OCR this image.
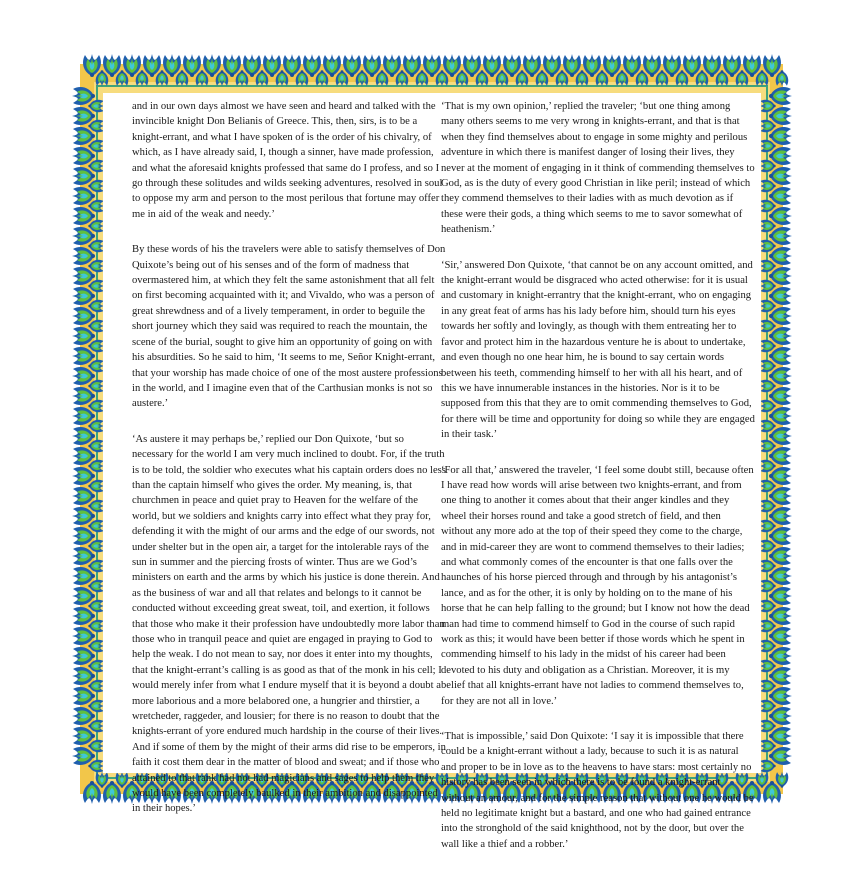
and in our own days almost we have seen and heard and talked with the invincible knight Don Belianis of Greece. This, then, sirs, is to be a knight-errant, and what I have spoken of is the order of his chivalry, of which, as I have already said, I, though a sinner, have made profession, and what the aforesaid knights professed that same do I profess, and so I go through these solitudes and wilds seeking adventures, resolved in soul to oppose my arm and person to the most perilous that fortune may offer me in aid of the weak and needy.’

By these words of his the travelers were able to satisfy themselves of Don Quixote’s being out of his senses and of the form of madness that overmastered him, at which they felt the same astonishment that all felt on first becoming acquainted with it; and Vivaldo, who was a person of great shrewdness and of a lively temperament, in order to beguile the short journey which they said was required to reach the mountain, the scene of the burial, sought to give him an opportunity of going on with his absurdities. So he said to him, ‘It seems to me, Señor Knight-errant, that your worship has made choice of one of the most austere professions in the world, and I imagine even that of the Carthusian monks is not so austere.’

‘As austere it may perhaps be,’ replied our Don Quixote, ‘but so necessary for the world I am very much inclined to doubt. For, if the truth is to be told, the soldier who executes what his captain orders does no less than the captain himself who gives the order. My meaning, is, that churchmen in peace and quiet pray to Heaven for the welfare of the world, but we soldiers and knights carry into effect what they pray for, defending it with the might of our arms and the edge of our swords, not under shelter but in the open air, a target for the intolerable rays of the sun in summer and the piercing frosts of winter. Thus are we God’s ministers on earth and the arms by which his justice is done therein. And as the business of war and all that relates and belongs to it cannot be conducted without exceeding great sweat, toil, and exertion, it follows that those who make it their profession have undoubtedly more labor than those who in tranquil peace and quiet are engaged in praying to God to help the weak. I do not mean to say, nor does it enter into my thoughts, that the knight-errant’s calling is as good as that of the monk in his cell; I would merely infer from what I endure myself that it is beyond a doubt a more laborious and a more belabored one, a hungrier and thirstier, a wretcheder, raggeder, and lousier; for there is no reason to doubt that the knights-errant of yore endured much hardship in the course of their lives. And if some of them by the might of their arms did rise to be emperors, in faith it cost them dear in the matter of blood and sweat; and if those who attained to that rank had not had magicians and sages to help them they would have been completely baulked in their ambition and disappointed in their hopes.’

‘That is my own opinion,’ replied the traveler; ‘but one thing among many others seems to me very wrong in knights-errant, and that is that when they find themselves about to engage in some mighty and perilous adventure in which there is manifest danger of losing their lives, they never at the moment of engaging in it think of commending themselves to God, as is the duty of every good Christian in like peril; instead of which they commend themselves to their ladies with as much devotion as if these were their gods, a thing which seems to me to savor somewhat of heathenism.’

‘Sir,’ answered Don Quixote, ‘that cannot be on any account omitted, and the knight-errant would be disgraced who acted otherwise: for it is usual and customary in knight-errantry that the knight-errant, who on engaging in any great feat of arms has his lady before him, should turn his eyes towards her softly and lovingly, as though with them entreating her to favor and protect him in the hazardous venture he is about to undertake, and even though no one hear him, he is bound to say certain words between his teeth, commending himself to her with all his heart, and of this we have innumerable instances in the histories. Nor is it to be supposed from this that they are to omit commending themselves to God, for there will be time and opportunity for doing so while they are engaged in their task.’

‘For all that,’ answered the traveler, ‘I feel some doubt still, because often I have read how words will arise between two knights-errant, and from one thing to another it comes about that their anger kindles and they wheel their horses round and take a good stretch of field, and then without any more ado at the top of their speed they come to the charge, and in mid-career they are wont to commend themselves to their ladies; and what commonly comes of the encounter is that one falls over the haunches of his horse pierced through and through by his antagonist’s lance, and as for the other, it is only by holding on to the mane of his horse that he can help falling to the ground; but I know not how the dead man had time to commend himself to God in the course of such rapid work as this; it would have been better if those words which he spent in commending himself to his lady in the midst of his career had been devoted to his duty and obligation as a Christian. Moreover, it is my belief that all knights-errant have not ladies to commend themselves to, for they are not all in love.’

‘That is impossible,’ said Don Quixote: ‘I say it is impossible that there could be a knight-errant without a lady, because to such it is as natural and proper to be in love as to the heavens to have stars: most certainly no history has been seen in which there is to be found a knight-errant without an amour, and for the simple reason that without one he would be held no legitimate knight but a bastard, and one who had gained entrance into the stronghold of the said knighthood, not by the door, but over the wall like a thief and a robber.’
